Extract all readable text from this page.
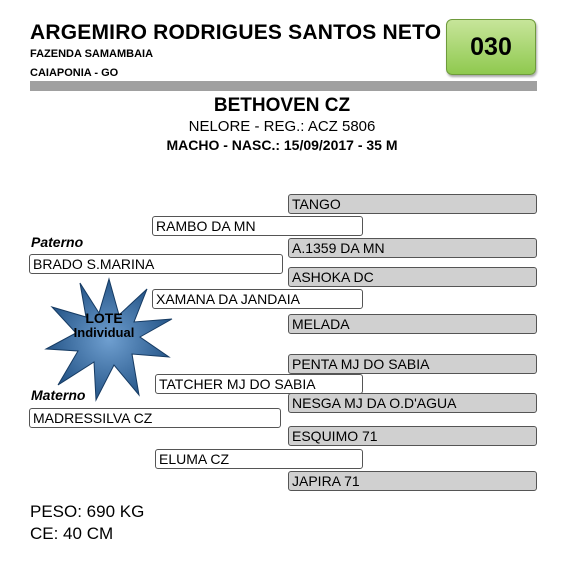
ARGEMIRO RODRIGUES SANTOS NETO
FAZENDA SAMAMBAIA
CAIAPONIA - GO
030
BETHOVEN CZ
NELORE - REG.: ACZ 5806
MACHO - NASC.: 15/09/2017 - 35 M
TANGO
A.1359 DA MN
ASHOKA DC
MELADA
PENTA MJ DO SABIA
NESGA MJ DA O.D'AGUA
ESQUIMO 71
JAPIRA 71
RAMBO DA MN
XAMANA DA JANDAIA
TATCHER MJ DO SABIA
ELUMA CZ
Paterno
BRADO S.MARINA
Materno
MADRESSILVA CZ
LOTE
Individual
PESO: 690 KG
CE: 40 CM
